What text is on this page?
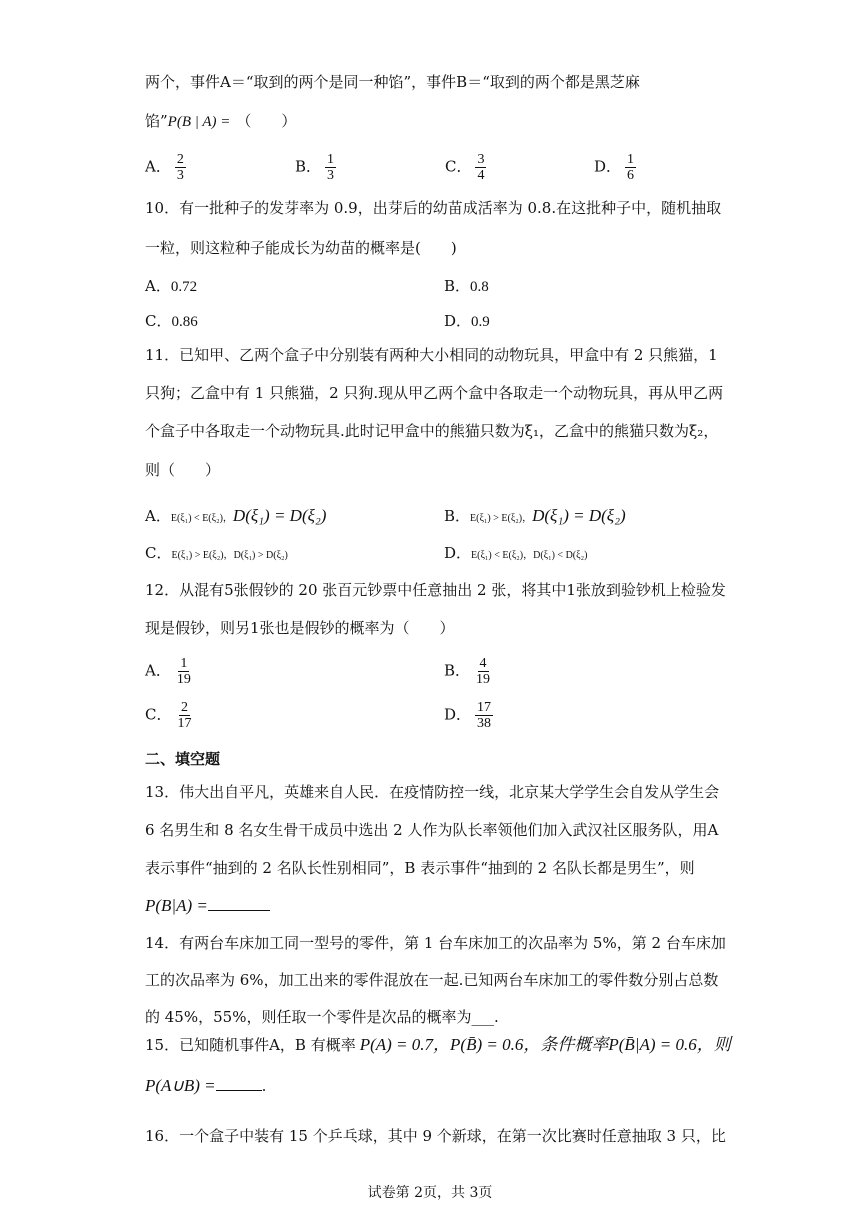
两个，事件A＝“取到的两个是同一种馅”，事件B＝“取到的两个都是黑芝麻
馅”P(B | A) = （　　）
A． $\frac{2}{3}$	B． $\frac{1}{3}$	C． $\frac{3}{4}$	D． $\frac{1}{6}$
10．有一批种子的发芽率为 0.9，出芽后的幼苗成活率为 0.8.在这批种子中，随机抽取
一粒，则这粒种子能成长为幼苗的概率是(　　)
A．0.72	B．0.8
C．0.86	D．0.9
11．已知甲、乙两个盒子中分别装有两种大小相同的动物玩具，甲盒中有 2 只熊猫，1
只狗；乙盒中有 1 只熊猫，2 只狗.现从甲乙两个盒中各取走一个动物玩具，再从甲乙两
个盒子中各取走一个动物玩具.此时记甲盒中的熊猫只数为ξ₁，乙盒中的熊猫只数为ξ₂，
则（　　）
A．E(ξ₁) < E(ξ₂)，D(ξ₁) = D(ξ₂)	B．E(ξ₁) > E(ξ₂)，D(ξ₁) = D(ξ₂)
C．E(ξ₁) > E(ξ₂)，D(ξ₁) > D(ξ₂)	D．E(ξ₁) < E(ξ₂)，D(ξ₁) < D(ξ₂)
12．从混有5张假钞的 20 张百元钞票中任意抽出 2 张，将其中1张放到验钞机上检验发
现是假钞，则另1张也是假钞的概率为（　　）
A． $\frac{1}{19}$	B． $\frac{4}{19}$
C． $\frac{2}{17}$	D． $\frac{17}{38}$
二、填空题
13．伟大出自平凡，英雄来自人民．在疫情防控一线，北京某大学学生会自发从学生会
6 名男生和 8 名女生骨干成员中选出 2 人作为队长率领他们加入武汉社区服务队，用A
表示事件“抽到的 2 名队长性别相同”，B 表示事件“抽到的 2 名队长都是男生”，则
P(B|A) =
14．有两台车床加工同一型号的零件，第 1 台车床加工的次品率为 5%，第 2 台车床加
工的次品率为 6%，加工出来的零件混放在一起.已知两台车床加工的零件数分别占总数
的 45%，55%，则任取一个零件是次品的概率为___.
15．已知随机事件A，B 有概率 P(A) = 0.7，P(B̄) = 0.6，条件概率P(B̄|A) = 0.6，则
P(A∪B) =	.
16．一个盒子中装有 15 个乒乓球，其中 9 个新球，在第一次比赛时任意抽取 3 只，比
试卷第 2页，共 3页
